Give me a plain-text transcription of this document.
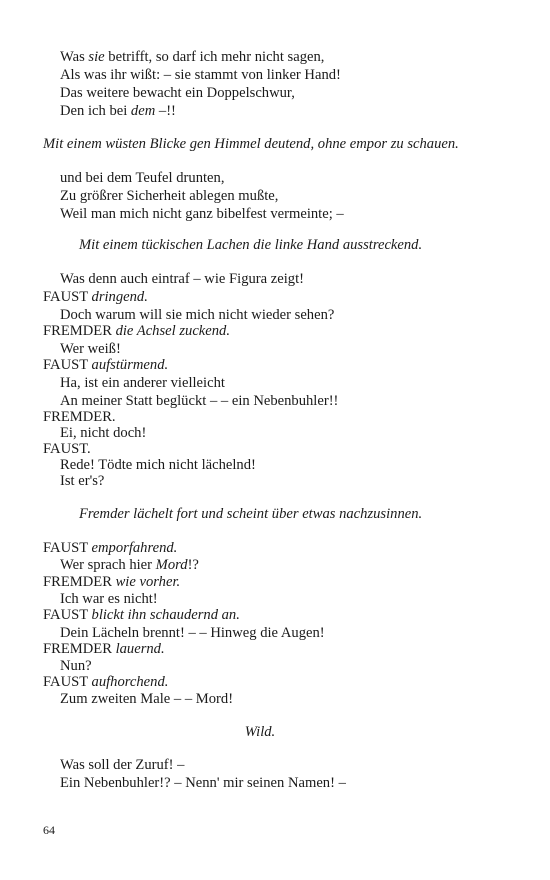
Was sie betrifft, so darf ich mehr nicht sagen,
Als was ihr wißt: – sie stammt von linker Hand!
Das weitere bewacht ein Doppelschwur,
Den ich bei dem –!!
Mit einem wüsten Blicke gen Himmel deutend, ohne empor zu schauen.
und bei dem Teufel drunten,
Zu größrer Sicherheit ablegen mußte,
Weil man mich nicht ganz bibelfest vermeinte; –
Mit einem tückischen Lachen die linke Hand ausstreckend.
Was denn auch eintraf – wie Figura zeigt!
FAUST dringend.
Doch warum will sie mich nicht wieder sehen?
FREMDER die Achsel zuckend.
Wer weiß!
FAUST aufstürmend.
Ha, ist ein anderer vielleicht
An meiner Statt beglückt – – ein Nebenbuhler!!
FREMDER.
Ei, nicht doch!
FAUST.
Rede! Tödte mich nicht lächelnd!
Ist er's?
Fremder lächelt fort und scheint über etwas nachzusinnen.
FAUST emporfahrend.
Wer sprach hier Mord!?
FREMDER wie vorher.
Ich war es nicht!
FAUST blickt ihn schaudernd an.
Dein Lächeln brennt! – – Hinweg die Augen!
FREMDER lauernd.
Nun?
FAUST aufhorchend.
Zum zweiten Male – – Mord!
Wild.
Was soll der Zuruf! –
Ein Nebenbuhler!? – Nenn' mir seinen Namen! –
64
